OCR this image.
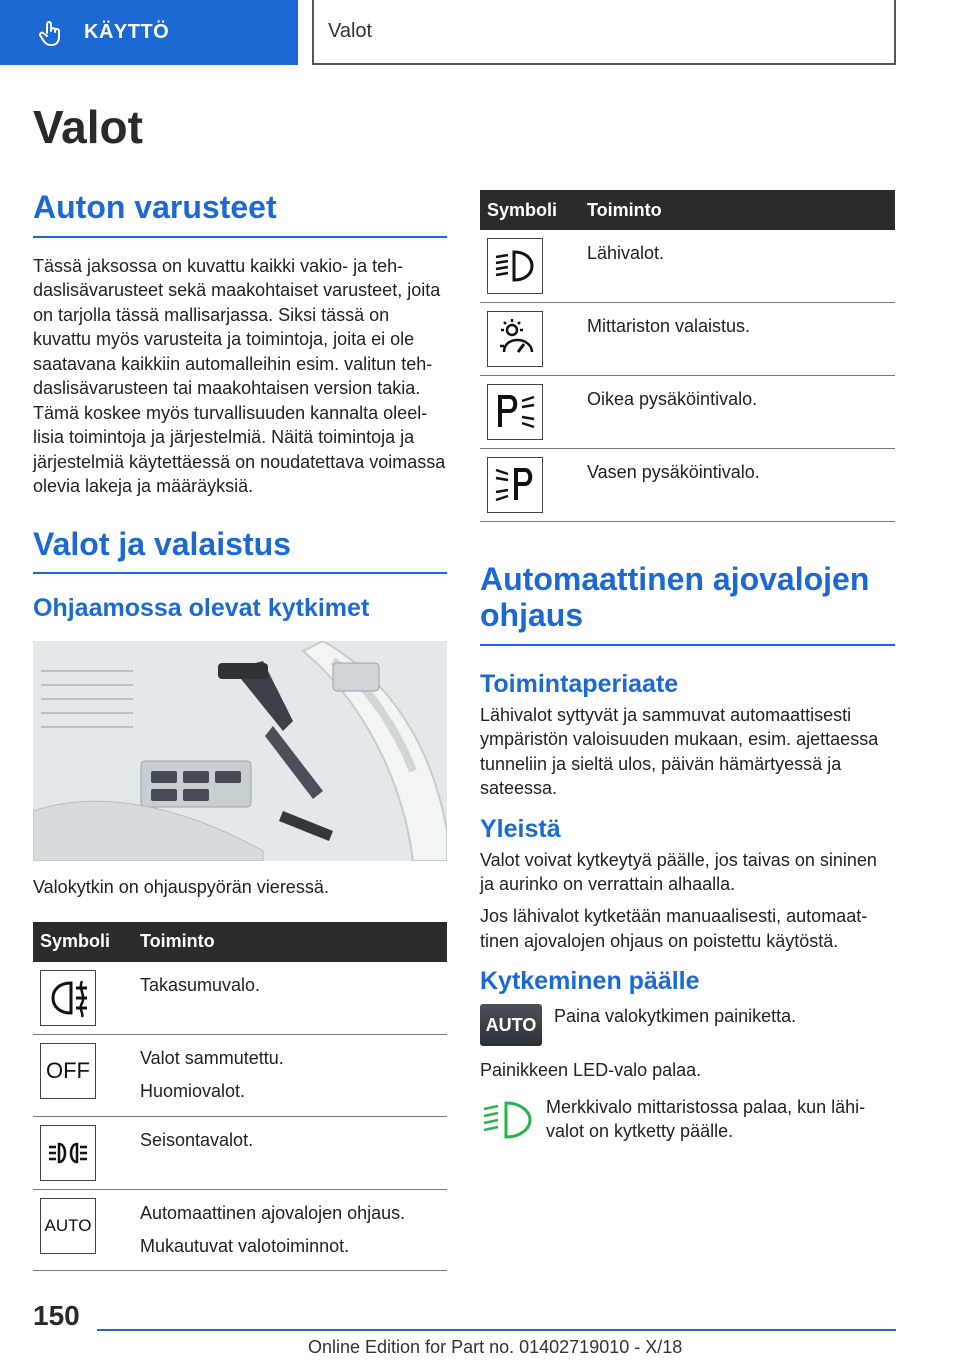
KÄYTTÖ	Valot
Valot
Auton varusteet

Tässä jaksossa on kuvattu kaikki vakio- ja tehdaslisävarusteet sekä maakohtaiset varusteet, joita on tarjolla tässä mallisarjassa. Siksi tässä on kuvattu myös varusteita ja toimintoja, joita ei ole saatavana kaikkiin automalleihin esim. valitun tehdaslisävarusteen tai maakohtaisen version takia. Tämä koskee myös turvallisuuden kannalta oleellisia toimintoja ja järjestelmiä. Näitä toimintoja ja järjestelmiä käytettäessä on noudatettava voimassa olevia lakeja ja määräyksiä.

Valot ja valaistus
Ohjaamossa olevat kytkimet

Valokytkin on ohjauspyörän vieressä.

Symboli	Toiminto

Takasumuvalo.

OFF	Valot sammutettu.
Huomiovalot.

Seisontavalot.

AUTO	Automaattinen ajovalojen ohjaus.
Mukautuvat valotoiminnot.
Symboli	Toiminto

Lähivalot.

Mittariston valaistus.

Oikea pysäköintivalo.

Vasen pysäköintivalo.
Automaattinen ajovalojen ohjaus
Toimintaperiaate

Lähivalot syttyvät ja sammuvat automaattisesti ympäristön valoisuuden mukaan, esim. ajettaessa tunneliin ja sieltä ulos, päivän hämärtyessä ja sateessa.

Yleistä

Valot voivat kytkeytyä päälle, jos taivas on sininen ja aurinko on verrattain alhaalla.

Jos lähivalot kytketään manuaalisesti, automaattinen ajovalojen ohjaus on poistettu käytöstä.

Kytkeminen päälle
AUTO Paina valokytkimen painiketta.

Painikkeen LED-valo palaa.

Merkkivalo mittaristossa palaa, kun lähivalot on kytketty päälle.

150
Online Edition for Part no. 01402719010 - X/18
